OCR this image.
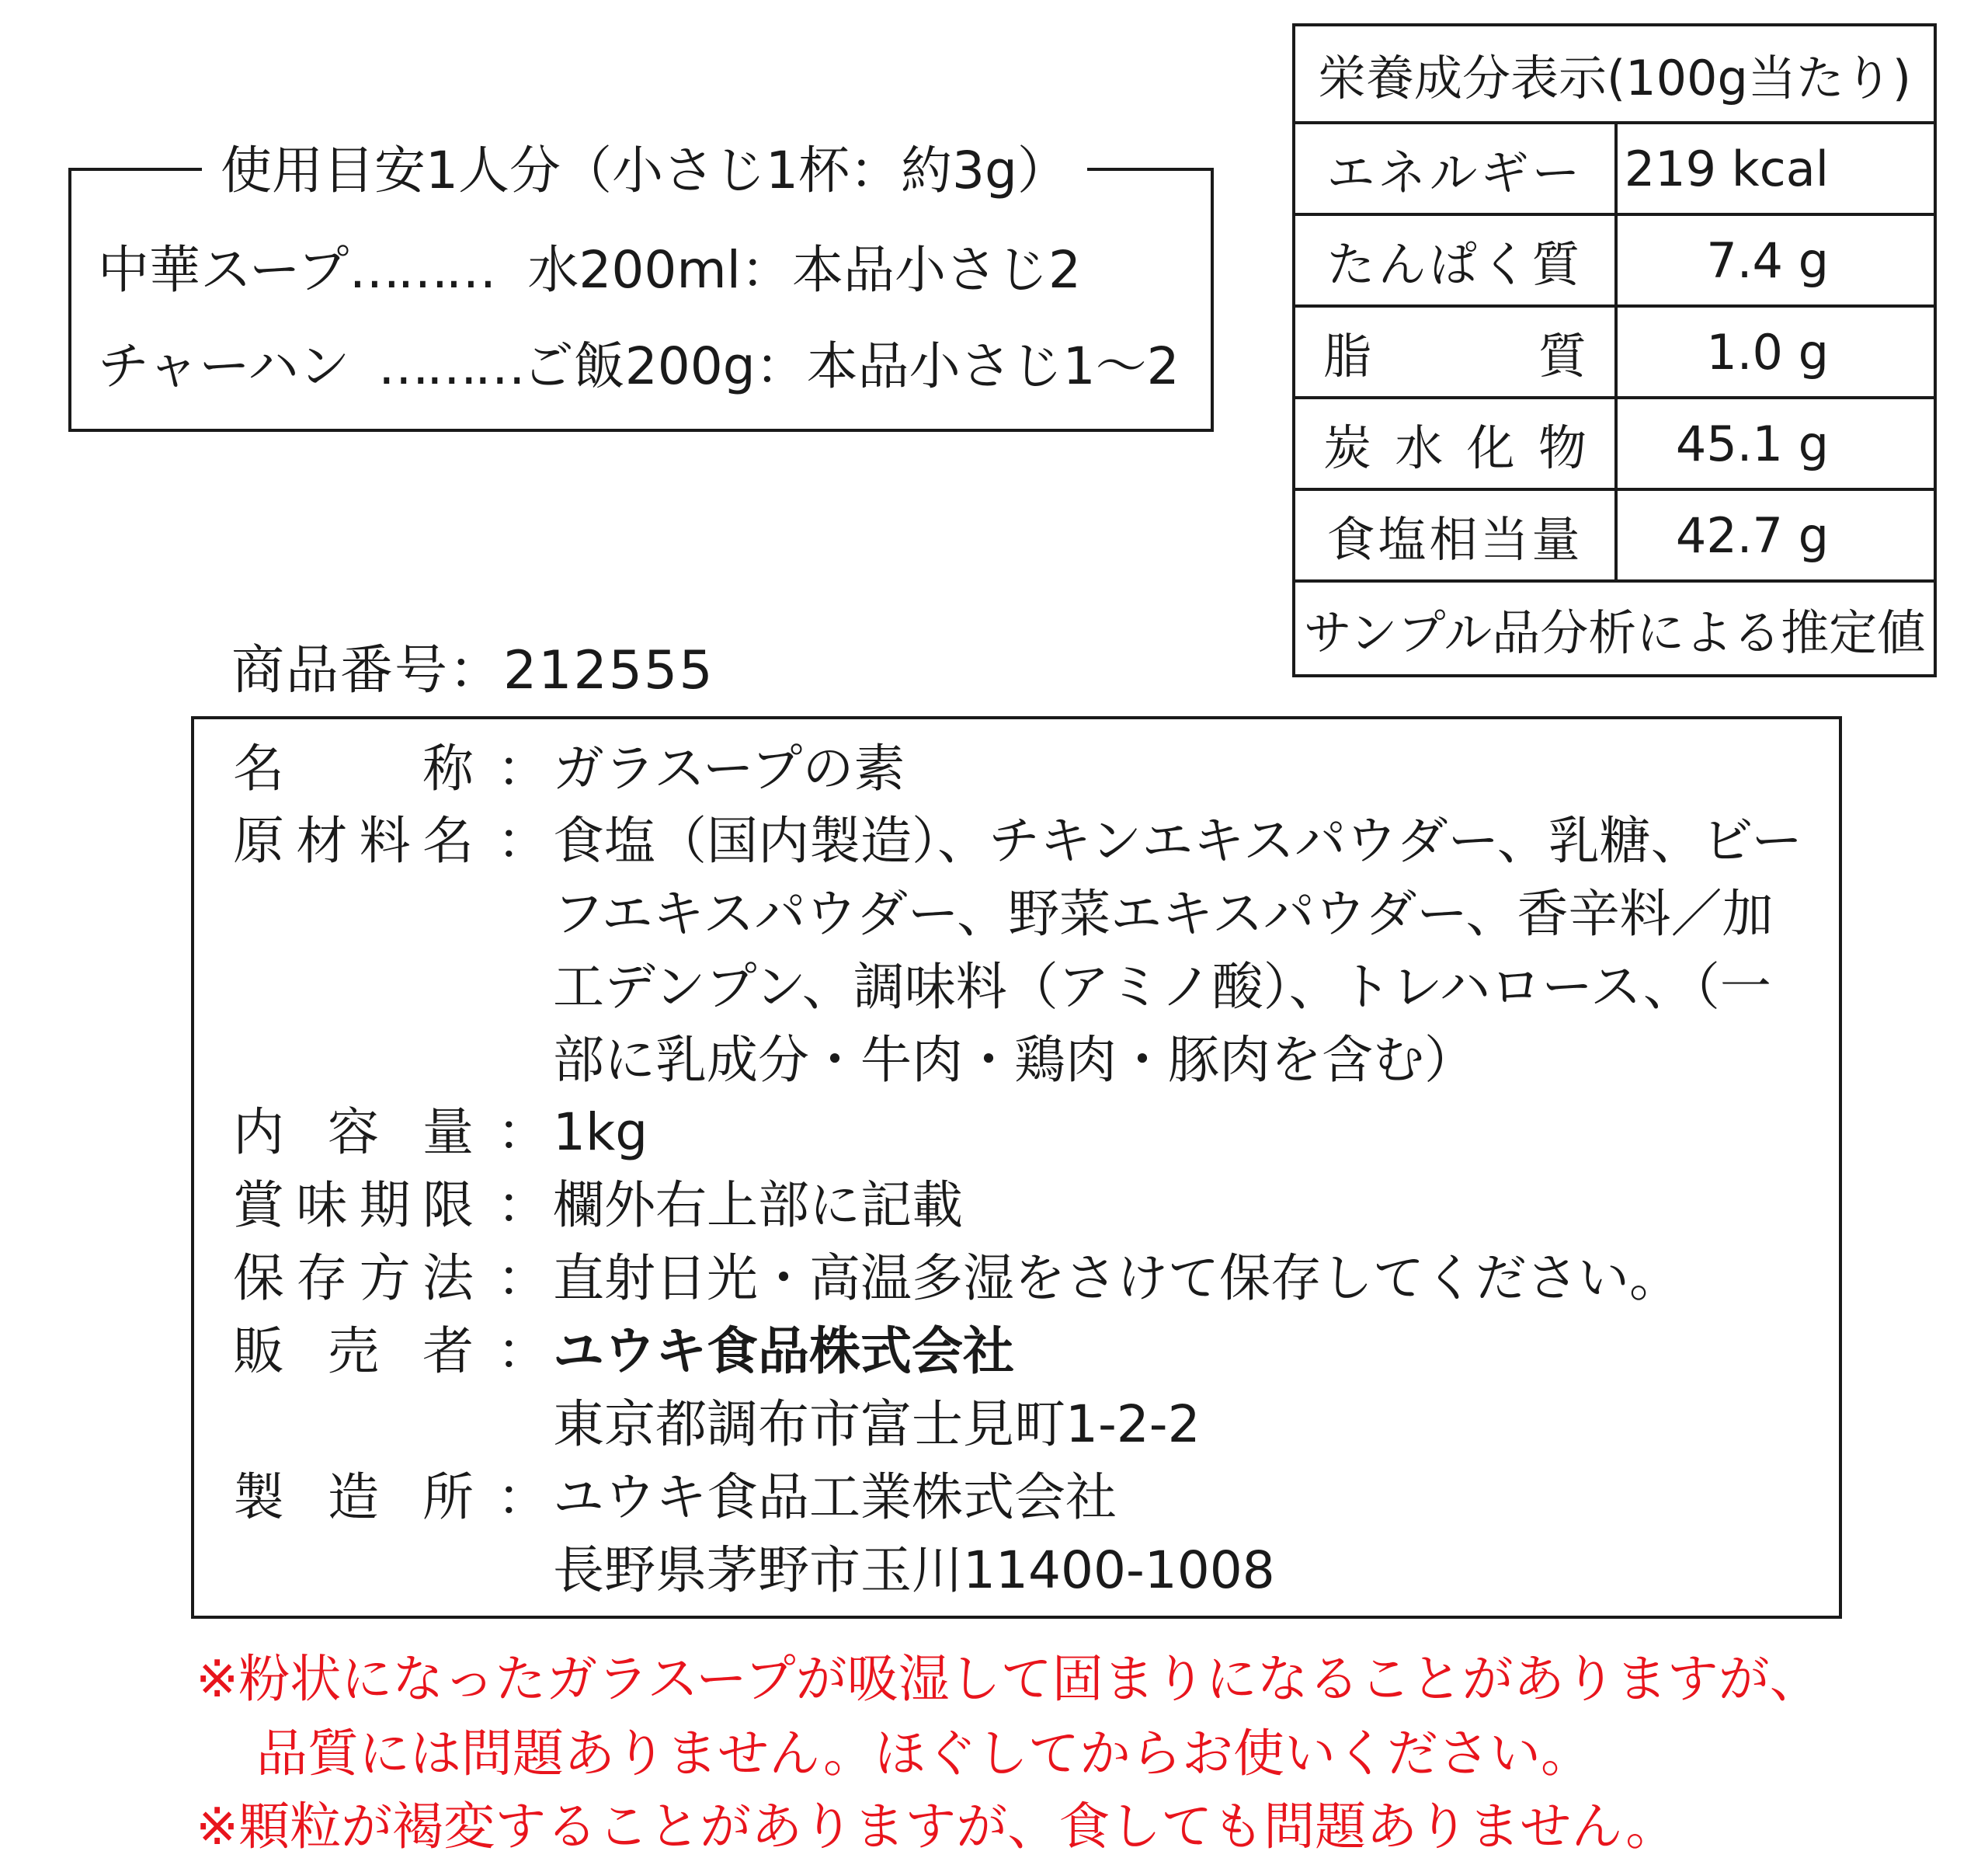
使用目安1人分（小さじ1杯：約3g）
中華スープ……… 水200ml：本品小さじ2
チャーハン ………ご飯200g：本品小さじ1～2
栄養成分表示(100g当たり)	
エネルギー	219 kcal
たんぱく質	7.4 g
脂質	1.0 g
炭水化物	45.1 g
食塩相当量	42.7 g
サンプル品分析による推定値	
商品番号：212555
名称 ： ガラスープの素
原材料名 ： 食塩（国内製造）、チキンエキスパウダー、乳糖、ビーフエキスパウダー、野菜エキスパウダー、香辛料／加工デンプン、調味料（アミノ酸）、トレハロース、（一部に乳成分・牛肉・鶏肉・豚肉を含む）
内容量 ： 1kg
賞味期限 ： 欄外右上部に記載
保存方法 ： 直射日光・高温多湿をさけて保存してください。
販売者 ： ユウキ食品株式会社
東京都調布市富士見町1-2-2
製造所 ： ユウキ食品工業株式会社
長野県茅野市玉川11400-1008
※粉状になったガラスープが吸湿して固まりになることがありますが、
品質には問題ありません。ほぐしてからお使いください。
※顆粒が褐変することがありますが、食しても問題ありません。
